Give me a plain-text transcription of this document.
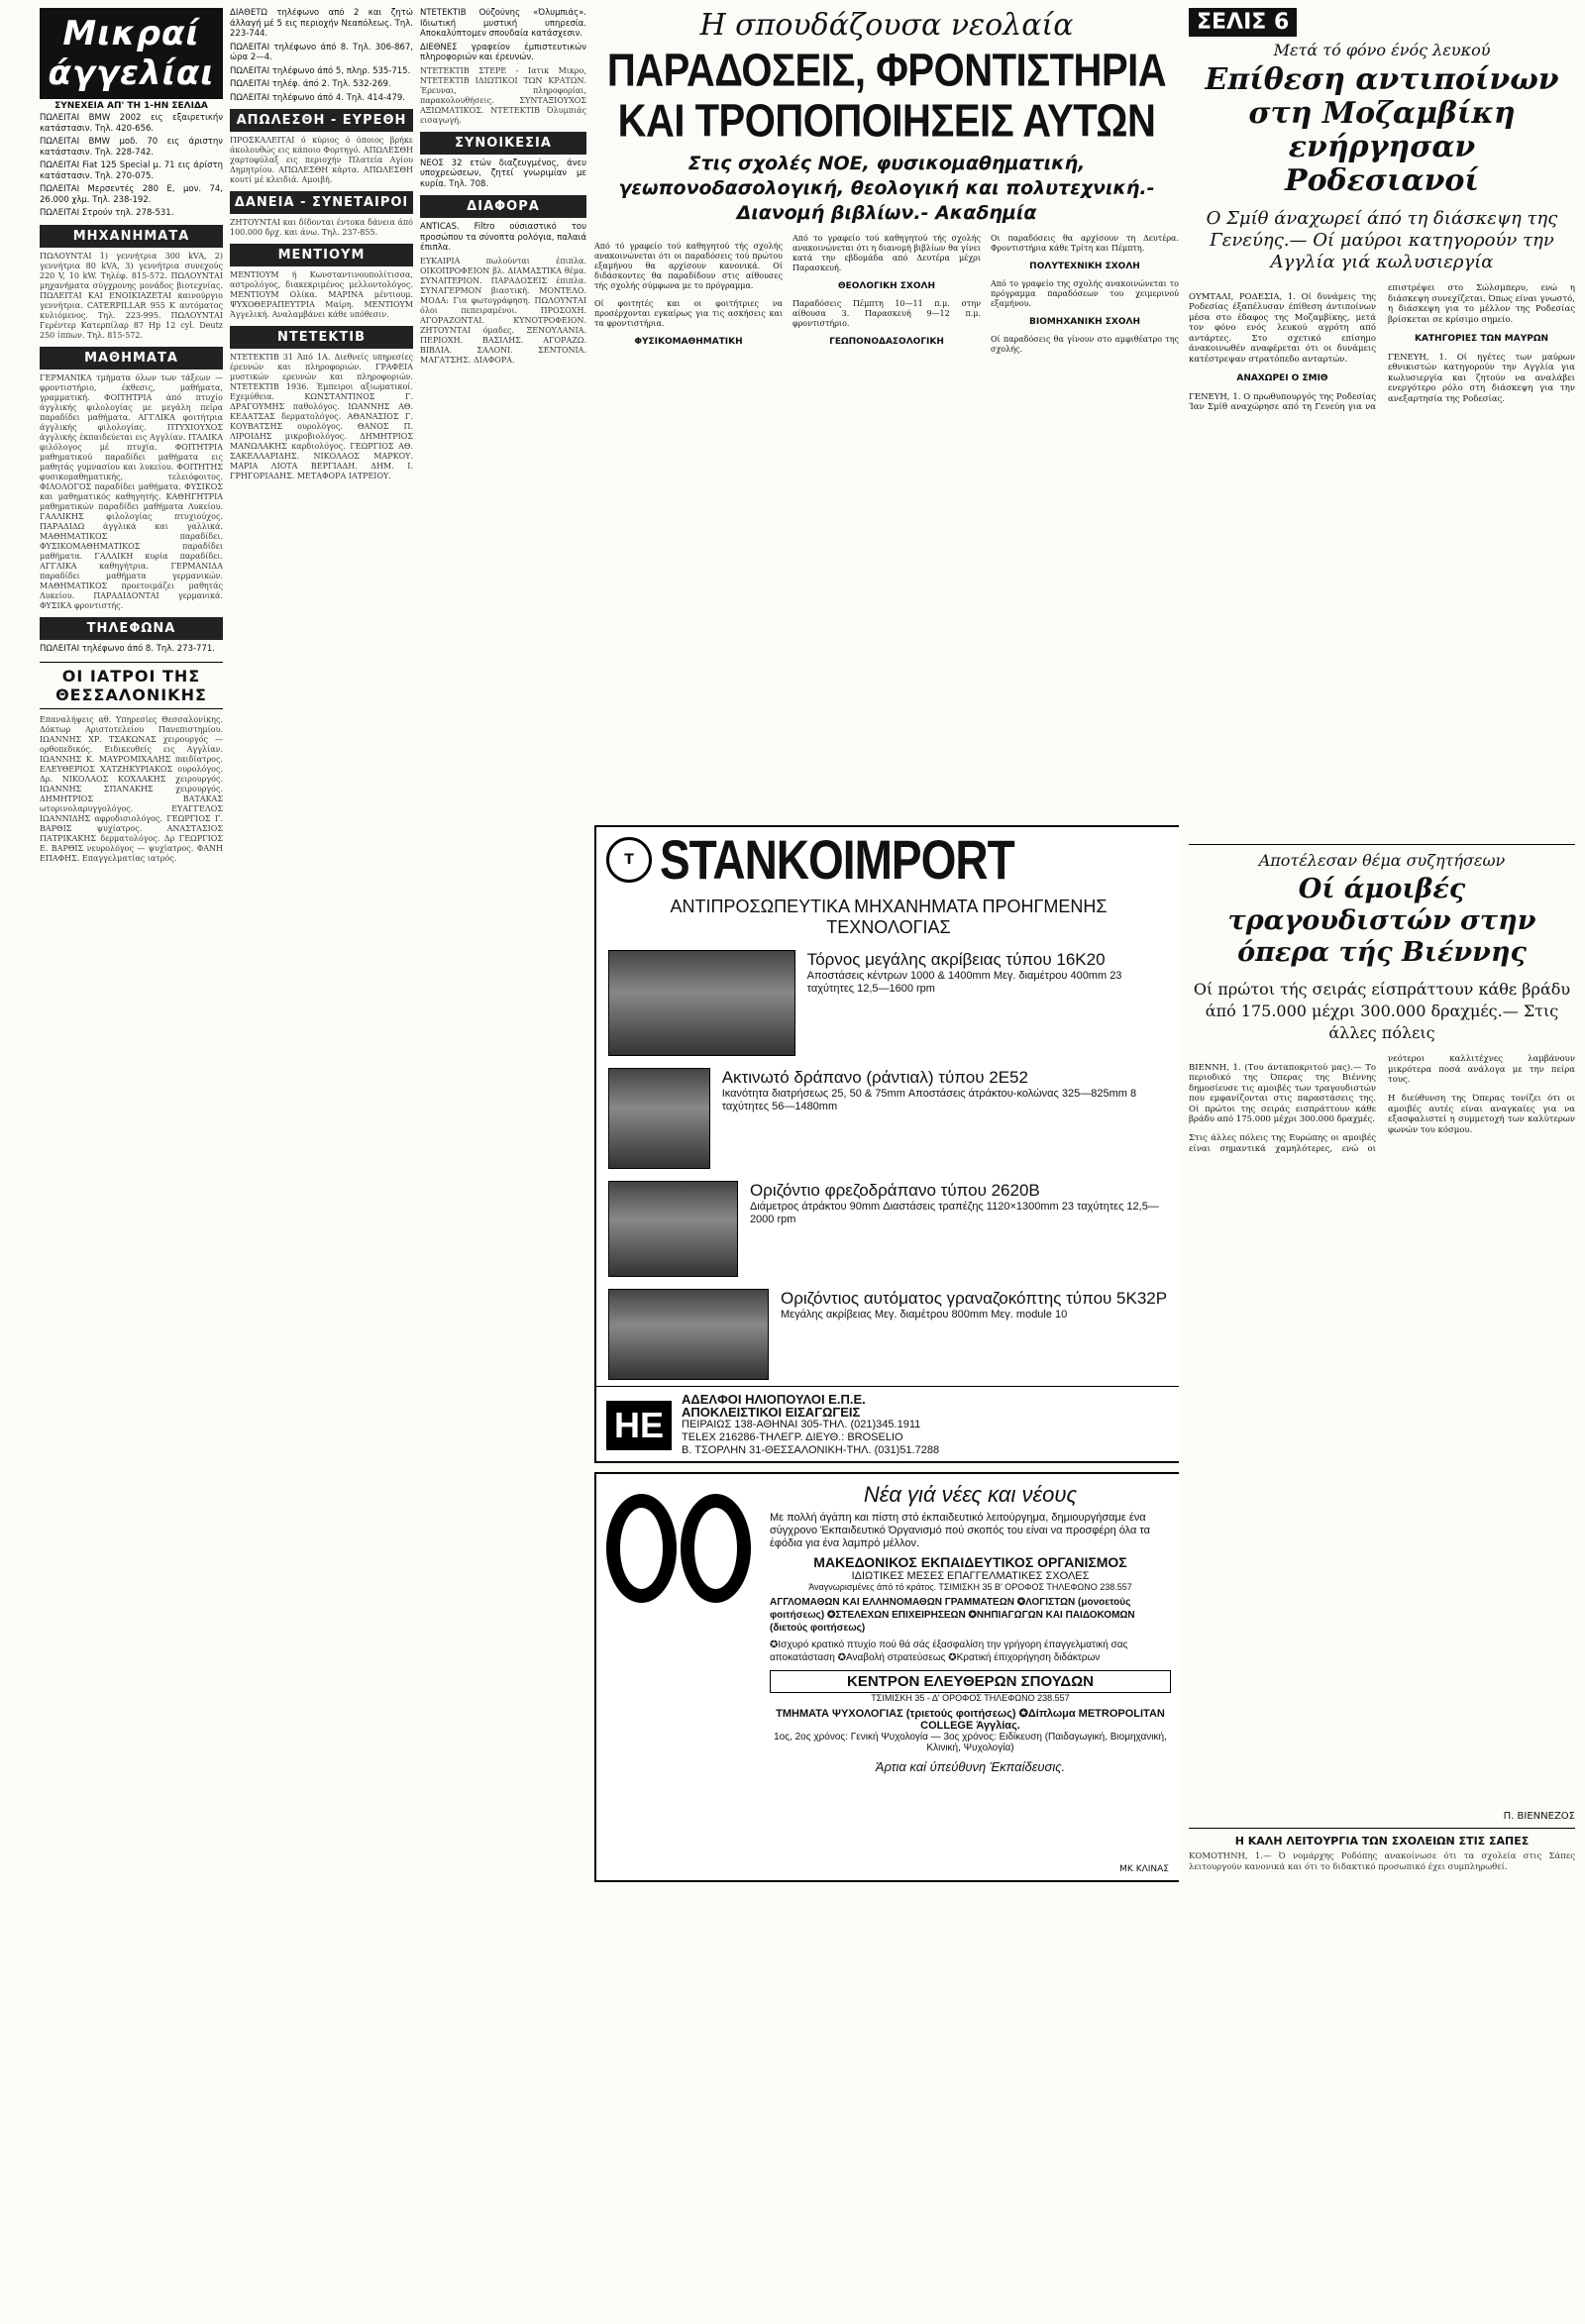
Μικραί άγγελίαι
ΣΥΝΕΧΕΙΑ ΑΠ' ΤΗ 1-ΗΝ ΣΕΛΙΔΑ

ΠΩΛΕΙΤΑΙ BMW 2002 εις εξαιρετικήν κατάστασιν. Τηλ. 420-656.

ΠΩΛΕΙΤΑΙ BMW μοδ. 70 εις άριστην κατάστασιν. Τηλ. 228-742.

ΠΩΛΕΙΤΑΙ Fiat 125 Special μ. 71 εις άρίστη κατάστασιν. Τηλ. 270-075.

ΠΩΛΕΙΤΑΙ Μερσεντές 280 Ε, μον. 74, 26.000 χλμ. Τηλ. 238-192.

ΠΩΛΕΙΤΑΙ Στρούν τηλ. 278-531.

ΜΗΧΑΝΗΜΑΤΑ

ΠΩΛΟΥΝΤΑΙ 1) γεννήτρια 300 kVA, 2) γεννήτρια 80 kVA, 3) γεννήτρια συνεχούς 220 V, 10 kW. Τηλέφ. 815-572. ΠΩΛΟΥΝΤΑΙ μηχανήματα σύγχρονης μονάδος βιοτεχνίας. ΠΩΛΕΙΤΑΙ ΚΑΙ ΕΝΟΙΚΙΑΖΕΤΑΙ καινούργιο γεννήτρια. CATERPILLAR 955 Κ αυτόματος κυλιόμενος. Τηλ. 223-995. ΠΩΛΟΥΝΤΑΙ Γερέντερ Κατερπίλαρ 87 Hp 12 cyl. Deutz 250 ίππων. Τηλ. 815-572.

ΜΑΘΗΜΑΤΑ

ΓΕΡΜΑΝΙΚΑ τμήματα όλων των τάξεων — φροντιστήριο, έκθεσις, μαθήματα, γραμματική. ΦΟΙΤΗΤΡΙΑ άπό πτυχίο άγγλικής φιλολογίας με μεγάλη πείρα παραδίδει μαθήματα. ΑΓΓΛΙΚΑ φοιτήτρια άγγλικής φιλολογίας. ΠΤΥΧΙΟΥΧΟΣ άγγλικής έκπαιδεύεται εις Αγγλίαν. ΙΤΑΛΙΚΑ φιλόλογος μέ πτυχία. ΦΟΙΤΗΤΡΙΑ μαθηματικού παραδίδει μαθήματα εις μαθητάς γυμνασίου και λυκείου. ΦΟΙΤΗΤΗΣ φυσικομαθηματικής, τελειόφοιτος. ΦΙΛΟΛΟΓΟΣ παραδίδει μαθήματα. ΦΥΣΙΚΟΣ και μαθηματικός καθηγητής. ΚΑΘΗΓΗΤΡΙΑ μαθηματικών παραδίδει μαθήματα Λυκείου. ΓΑΛΛΙΚΗΣ φιλολογίας πτυχιούχος. ΠΑΡΑΔΙΔΩ άγγλικά και γαλλικά. ΜΑΘΗΜΑΤΙΚΟΣ παραδίδει. ΦΥΣΙΚΟΜΑΘΗΜΑΤΙΚΟΣ παραδίδει μαθήματα. ΓΑΛΛΙΚΗ κυρία παραδίδει. ΑΓΓΛΙΚΑ καθηγήτρια. ΓΕΡΜΑΝΙΔΑ παραδίδει μαθήματα γερμανικών. ΜΑΘΗΜΑΤΙΚΟΣ προετοιμάζει μαθητάς Λυκείου. ΠΑΡΑΔΙΔΟΝΤΑΙ γερμανικά. ΦΥΣΙΚΑ φροντιστής.

ΤΗΛΕΦΩΝΑ

ΠΩΛΕΙΤΑΙ τηλέφωνο άπό 8. Τηλ. 273-771.

ΟΙ ΙΑΤΡΟΙ ΤΗΣ ΘΕΣΣΑΛΟΝΙΚΗΣ

Επαναλήψεις αθ. Υπηρεσίες Θεσσαλονίκης. Δόκτωρ Αριστοτελείου Πανεπιστημίου. ΙΩΑΝΝΗΣ ΧΡ. ΤΣΑΚΩΝΑΣ χειρουργός — ορθοπεδικός. Ειδικευθείς εις Αγγλίαν. ΙΩΑΝΝΗΣ Κ. ΜΑΥΡΟΜΙΧΑΛΗΣ παιδίατρος. ΕΛΕΥΘΕΡΙΟΣ ΧΑΤΖΗΚΥΡΙΑΚΟΣ ουρολόγος. Δρ. ΝΙΚΟΛΑΟΣ ΚΟΧΛΑΚΗΣ χειρουργός. ΙΩΑΝΝΗΣ ΣΠΑΝΑΚΗΣ χειρουργός. ΔΗΜΗΤΡΙΟΣ ΒΑΤΑΚΑΣ ωτορινολαρυγγολόγος. ΕΥΑΓΓΕΛΟΣ ΙΩΑΝΝΙΔΗΣ αφροδισιολόγος. ΓΕΩΡΓΙΟΣ Γ. ΒΑΡΘΙΣ ψυχίατρος. ΑΝΑΣΤΑΣΙΟΣ ΠΑΤΡΙΚΑΚΗΣ δερματολόγος. Δρ ΓΕΩΡΓΙΟΣ Ε. ΒΑΡΘΙΣ νευρολόγος — ψυχίατρος. ΦΑΝΗ ΕΠΑΦΗΣ. Επαγγελματίας ιατρός.

ΔΙΑΘΕΤΩ τηλέφωνο από 2 και ζητώ άλλαγή μέ 5 εις περιοχήν Νεαπόλεως. Τηλ. 223-744.

ΠΩΛΕΙΤΑΙ τηλέφωνο άπό 8. Τηλ. 306-867, ώρα 2—4.

ΠΩΛΕΙΤΑΙ τηλέφωνο άπό 5, πληρ. 535-715.

ΠΩΛΕΙΤΑΙ τηλέφ. άπό 2. Τηλ. 532-269.

ΠΩΛΕΙΤΑΙ τηλέφωνο άπό 4. Τηλ. 414-479.

ΑΠΩΛΕΣΘΗ - ΕΥΡΕΘΗ

ΠΡΟΣΚΑΛΕΙΤΑΙ ό κύριος ό όποιος βρήκε άκολουθώς εις κάποιο Φορτηγό. ΑΠΩΛΕΣΘΗ χαρτοφύλαξ εις περιοχήν Πλατεία Αγίου Δημητρίου. ΑΠΩΛΕΣΘΗ κάρτα. ΑΠΩΛΕΣΘΗ κουτί μέ κλειδιά. Αμοιβή.

ΔΑΝΕΙΑ - ΣΥΝΕΤΑΙΡΟΙ

ΖΗΤΟΥΝΤΑΙ και δίδονται έντοκα δάνεια άπό 100.000 δρχ. και άνω. Τηλ. 237-855.

ΜΕΝΤΙΟΥΜ

ΜΕΝΤΙΟΥΜ ή Κωνσταντινουπολίτισσα, αστρολόγος, διακεκριμένος μελλοντολόγος. ΜΕΝΤΙΟΥΜ Ολίκα. ΜΑΡΙΝΑ μέντιουμ. ΨΥΧΟΘΕΡΑΠΕΥΤΡΙΑ Μαίρη. ΜΕΝΤΙΟΥΜ Άγγελική. Αναλαμβάνει κάθε υπόθεσιν.

ΝΤΕΤΕΚΤΙΒ

ΝΤΕΤΕΚΤΙΒ 31 Άπό 1Α. Διεθνείς υπηρεσίες έρευνών και πληροφοριών. ΓΡΑΦΕΙΑ μυστικών ερευνών και πληροφοριών. ΝΤΕΤΕΚΤΙΒ 1936. Έμπειροι αξιωματικοί. Εχεμύθεια. ΚΩΝΣΤΑΝΤΙΝΟΣ Γ. ΔΡΑΓΟΥΜΗΣ παθολόγος. ΙΩΑΝΝΗΣ ΑΘ. ΚΕΔΑΤΣΑΣ δερματολόγος. ΑΘΑΝΑΣΙΟΣ Γ. ΚΟΥΒΑΤΣΗΣ ουρολόγος. ΘΑΝΟΣ Π. ΛΙΡΟΙΔΗΣ μικροβιολόγος. ΔΗΜΗΤΡΙΟΣ ΜΑΝΩΛΑΚΗΣ καρδιολόγος. ΓΕΩΡΓΙΟΣ ΑΘ. ΣΑΚΕΛΛΑΡΙΔΗΣ. ΝΙΚΟΛΑΟΣ ΜΑΡΚΟΥ. ΜΑΡΙΑ ΛΙΟΤΑ ΒΕΡΓΙΑΔΗ. ΔΗΜ. Ι. ΓΡΗΓΟΡΙΑΔΗΣ. ΜΕΤΑΦΟΡΑ ΙΑΤΡΕΙΟΥ.

ΝΤΕΤΕΚΤΙΒ Ούζούνης «Όλυμπιάς». Ιδιωτική μυστική υπηρεσία. Αποκαλύπτομεν σπουδαία κατάσχεσιν.

ΔΙΕΘΝΕΣ γραφείον έμπιστευτικών πληροφοριών και έρευνών.

ΝΤΕΤΕΚΤΙΒ ΣΤΕΡΕ - Ιατικ Μικρο, ΝΤΕΤΕΚΤΙΒ ΙΔΙΩΤΙΚΟΙ ΤΩΝ ΚΡΑΤΩΝ. Έρευναι, πληροφορίαι, παρακολουθήσεις. ΣΥΝΤΑΞΙΟΥΧΟΣ ΑΞΙΩΜΑΤΙΚΟΣ. ΝΤΕΤΕΚΤΙΒ Όλυμπιάς εισαγωγή.

ΣΥΝΟΙΚΕΣΙΑ

ΝΕΟΣ 32 ετών διαζευγμένος, άνευ υποχρεώσεων, ζητεί γνωριμίαν με κυρία. Τηλ. 708.

ΔΙΑΦΟΡΑ

ANTICAS. Filtro ούσιαστικό του προσώπου τα σύνοπτα ρολόγια, παλαιά έπιπλα.

ΕΥΚΑΙΡΙΑ πωλούνται έπιπλα. ΟΙΚΟΠΡΟΦΕΙΟΝ βλ. ΔΙΑΜΑΣΤΙΚΑ θέμα. ΣΥΝΑΙΤΕΡΙΟΝ. ΠΑΡΑΔΟΣΕΙΣ έπιπλα. ΣΥΝΑΓΕΡΜΟΝ βιαστική. ΜΟΝΤΕΛΟ. ΜΟΔΑ: Για φωτογράφηση. ΠΩΛΟΥΝΤΑΙ όλοι πεπειραμένοι. ΠΡΟΣΟΧΗ. ΑΓΟΡΑΖΟΝΤΑΙ. ΚΥΝΟΤΡΟΦΕΙΟΝ. ΖΗΤΟΥΝΤΑΙ όμαδες. ΞΕΝΟΥΛΑΝΙΑ. ΠΕΡΙΟΧΗ. ΒΑΣΙΛΗΣ. ΑΓΟΡΑΖΩ. ΒΙΒΛΙΑ. ΣΑΛΟΝΙ. ΣΕΝΤΟΝΙΑ. ΜΑΓΑΤΣΗΣ. ΔΙΑΦΟΡΑ.

Η σπουδάζουσα νεολαία
ΠΑΡΑΔΟΣΕΙΣ, ΦΡΟΝΤΙΣΤΗΡΙΑ ΚΑΙ ΤΡΟΠΟΠΟΙΗΣΕΙΣ ΑΥΤΩΝ
Στις σχολές ΝΟΕ, φυσικομαθηματική, γεωπονοδασολογική, θεολογική και πολυτεχνική.- Διανομή βιβλίων.- Ακαδημία

Από τό γραφείο τού καθηγητού τής σχολής ανακοινώνεται ότι οι παραδόσεις τού πρώτου εξαμήνου θα αρχίσουν κανονικά. Οί διδάσκοντες θα παραδίδουν στις αίθουσες τής σχολής σύμφωνα με το πρόγραμμα.

Οί φοιτητές και οι φοιτήτριες να προσέρχονται εγκαίρως για τις ασκήσεις και τα φροντιστήρια.

ΦΥΣΙΚΟΜΑΘΗΜΑΤΙΚΗ

Από το γραφείο τού καθηγητού τής σχολής ανακοινώνεται ότι η διανομή βιβλίων θα γίνει κατά την εβδομάδα από Δευτέρα μέχρι Παρασκευή.

ΘΕΟΛΟΓΙΚΗ ΣΧΟΛΗ

Παραδόσεις Πέμπτη 10—11 π.μ. στην αίθουσα 3. Παρασκευή 9—12 π.μ. φροντιστήριο.

ΓΕΩΠΟΝΟΔΑΣΟΛΟΓΙΚΗ

Οι παραδόσεις θα αρχίσουν τη Δευτέρα. Φροντιστήρια κάθε Τρίτη και Πέμπτη.

ΠΟΛΥΤΕΧΝΙΚΗ ΣΧΟΛΗ

Από το γραφείο της σχολής ανακοινώνεται το πρόγραμμα παραδόσεων του χειμερινού εξαμήνου.

ΒΙΟΜΗΧΑΝΙΚΗ ΣΧΟΛΗ

Οί παραδόσεις θα γίνουν στο αμφιθέατρο της σχολής.

T STANKOIMPORT
ΑΝΤΙΠΡΟΣΩΠΕΥΤΙΚΑ ΜΗΧΑΝΗΜΑΤΑ ΠΡΟΗΓΜΕΝΗΣ ΤΕΧΝΟΛΟΓΙΑΣ
Τόρνος μεγάλης ακρίβειας τύπου 16K20
Αποστάσεις κέντρων 1000 & 1400mm Μεγ. διαμέτρου 400mm 23 ταχύτητες 12,5—1600 rpm
Ακτινωτό δράπανο (ράντιαλ) τύπου 2E52
Ικανότητα διατρήσεως 25, 50 & 75mm Αποστάσεις άτράκτου-κολώνας 325—825mm 8 ταχύτητες 56—1480mm
Οριζόντιο φρεζοδράπανο τύπου 2620B
Διάμετρος άτράκτου 90mm Διαστάσεις τραπέζης 1120×1300mm 23 ταχύτητες 12,5—2000 rpm
Οριζόντιος αυτόματος γραναζοκόπτης τύπου 5K32P
Μεγάλης ακρίβειας Μεγ. διαμέτρου 800mm Μεγ. module 10
ΗΕ
ΑΔΕΛΦΟΙ ΗΛΙΟΠΟΥΛΟΙ Ε.Π.Ε.
ΑΠΟΚΛΕΙΣΤΙΚΟΙ ΕΙΣΑΓΩΓΕΙΣ
ΠΕΙΡΑΙΩΣ 138-ΑΘΗΝΑΙ 305-ΤΗΛ. (021)345.1911
TELEX 216286-ΤΗΛΕΓΡ. ΔΙΕΥΘ.: BROSELIO
Β. ΤΣΟΡΛΗΝ 31-ΘΕΣΣΑΛΟΝΙΚΗ-ΤΗΛ. (031)51.7288
Νέα γιά νέες και νέους
Με πολλή άγάπη και πίστη στό έκπαιδευτικό λειτούργημα, δημιουργήσαμε ένα σύγχρονο Έκπαιδευτικό Όργανισμό πού σκοπός του είναι να προσφέρη όλα τα έφόδια για ένα λαμπρό μέλλον.
ΜΑΚΕΔΟΝΙΚΟΣ ΕΚΠΑΙΔΕΥΤΙΚΟΣ ΟΡΓΑΝΙΣΜΟΣ
ΙΔΙΩΤΙΚΕΣ ΜΕΣΕΣ ΕΠΑΓΓΕΛΜΑΤΙΚΕΣ ΣΧΟΛΕΣ
Άναγνωρισμένες άπό τό κράτος. ΤΣΙΜΙΣΚΗ 35 Β' ΟΡΟΦΟΣ ΤΗΛΕΦΩΝΟ 238.557
ΑΓΓΛΟΜΑΘΩΝ ΚΑΙ ΕΛΛΗΝΟΜΑΘΩΝ ΓΡΑΜΜΑΤΕΩΝ ✪ΛΟΓΙΣΤΩΝ (μονοετούς φοιτήσεως) ✪ΣΤΕΛΕΧΩΝ ΕΠΙΧΕΙΡΗΣΕΩΝ ✪ΝΗΠΙΑΓΩΓΩΝ ΚΑΙ ΠΑΙΔΟΚΟΜΩΝ (διετούς φοιτήσεως)
✪Ισχυρό κρατικό πτυχίο πού θά σάς έξασφαλίση την γρήγορη έπαγγελματική σας αποκατάσταση ✪Αναβολή στρατεύσεως ✪Κρατική έπιχορήγηση διδάκτρων
ΚΕΝΤΡΟΝ ΕΛΕΥΘΕΡΩΝ ΣΠΟΥΔΩΝ
ΤΣΙΜΙΣΚΗ 35 - Δ' ΟΡΟΦΟΣ ΤΗΛΕΦΩΝΟ 238.557
ΤΜΗΜΑΤΑ ΨΥΧΟΛΟΓΙΑΣ (τριετούς φοιτήσεως) ✪Δίπλωμα METROPOLITAN COLLEGE Άγγλίας.
1ος, 2ος χρόνος: Γενική Ψυχολογία — 3ος χρόνος: Ειδίκευση (Παιδαγωγική, Βιομηχανική, Κλινική, Ψυχολογία)
Άρτια καί ύπεύθυνη Έκπαίδευσις.
ΜΚ ΚΛΙΝΑΣ
ΣΕΛΙΣ 6
Μετά τό φόνο ένός λευκού
Επίθεση αντιποίνων στη Μοζαμβίκη ενήργησαν Ροδεσιανοί
Ο Σμίθ άναχωρεί άπό τη διάσκεψη της Γενεύης.— Οί μαύροι κατηγορούν την Αγγλία γιά κωλυσιεργία

ΟΥΜΤΑΛΙ, ΡΟΔΕΣΙΑ, 1. Οί δυνάμεις της Ροδεσίας έξαπέλυσαν έπίθεση άντιποίνων μέσα στο έδαφος της Μοζαμβίκης, μετά τον φόνο ενός λευκού αγρότη από αντάρτες. Στο σχετικό επίσημο άνακοινωθέν αναφέρεται ότι οι δυνάμεις κατέστρεψαν στρατόπεδο ανταρτών.

ΑΝΑΧΩΡΕΙ Ο ΣΜΙΘ

ΓΕΝΕΥΗ, 1. Ο πρωθυπουργός της Ροδεσίας Ίαν Σμίθ αναχώρησε από τη Γενεύη για να επιστρέψει στο Σώλσμπερυ, ενώ η διάσκεψη συνεχίζεται. Όπως είναι γνωστό, η διάσκεψη για το μέλλον της Ροδεσίας βρίσκεται σε κρίσιμο σημείο.

ΚΑΤΗΓΟΡΙΕΣ ΤΩΝ ΜΑΥΡΩΝ

ΓΕΝΕΥΗ, 1. Οί ηγέτες των μαύρων εθνικιστών κατηγορούν την Αγγλία για κωλυσιεργία και ζητούν να αναλάβει ενεργότερο ρόλο στη διάσκεψη για την ανεξαρτησία της Ροδεσίας.

Αποτέλεσαν θέμα συζητήσεων
Οί άμοιβές τραγουδιστών στην όπερα τής Βιέννης
Οί πρώτοι τής σειράς είσπράττουν κάθε βράδυ άπό 175.000 μέχρι 300.000 δραχμές.— Στις άλλες πόλεις

ΒΙΕΝΝΗ, 1. (Του άνταποκριτού μας).— Το περιοδικό της Όπερας της Βιέννης δημοσίευσε τις αμοιβές των τραγουδιστών που εμφανίζονται στις παραστάσεις της. Οί πρώτοι της σειράς εισπράττουν κάθε βράδυ από 175.000 μέχρι 300.000 δραχμές.

Στις άλλες πόλεις της Ευρώπης οι αμοιβές είναι σημαντικά χαμηλότερες, ενώ οι νεότεροι καλλιτέχνες λαμβάνουν μικρότερα ποσά ανάλογα με την πείρα τους.

Η διεύθυνση της Όπερας τονίζει ότι οι αμοιβές αυτές είναι αναγκαίες για να εξασφαλιστεί η συμμετοχή των καλύτερων φωνών του κόσμου.

Π. ΒΙΕΝΝΕΖΟΣ
Η ΚΑΛΗ ΛΕΙΤΟΥΡΓΙΑ ΤΩΝ ΣΧΟΛΕΙΩΝ ΣΤΙΣ ΣΑΠΕΣ

ΚΟΜΟΤΗΝΗ, 1.— Ό νομάρχης Ροδόπης ανακοίνωσε ότι τα σχολεία στις Σάπες λειτουργούν κανονικά και ότι το διδακτικό προσωπικό έχει συμπληρωθεί.
